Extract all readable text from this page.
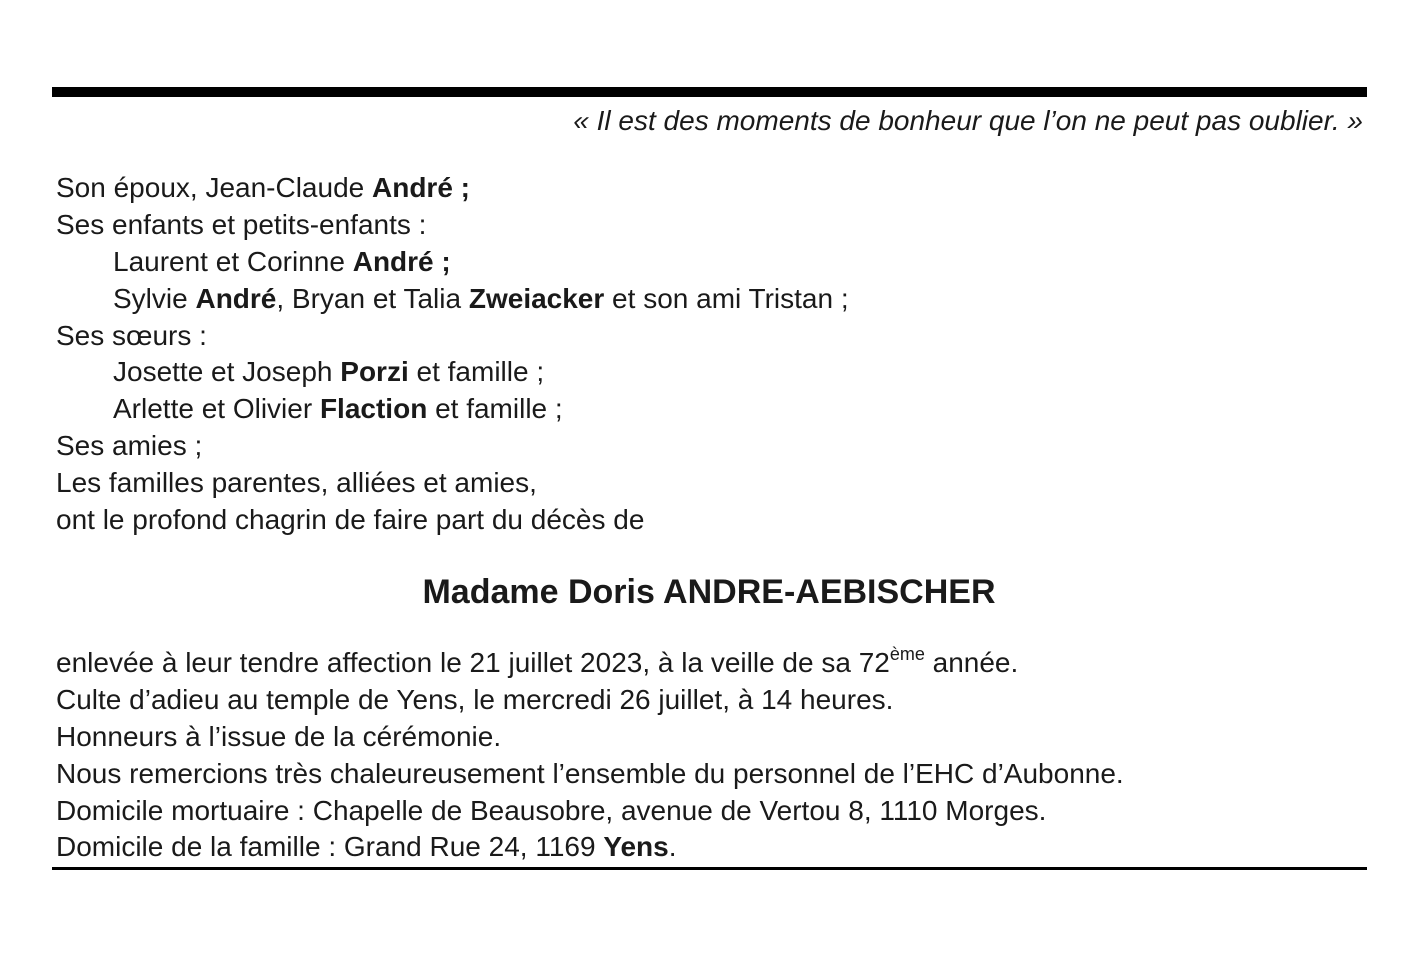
« Il est des moments de bonheur que l’on ne peut pas oublier. »
Son époux, Jean-Claude André ;
Ses enfants et petits-enfants :
Laurent et Corinne André ;
Sylvie André, Bryan et Talia Zweiacker et son ami Tristan ;
Ses sœurs :
Josette et Joseph Porzi et famille ;
Arlette et Olivier Flaction et famille ;
Ses amies ;
Les familles parentes, alliées et amies,
ont le profond chagrin de faire part du décès de
Madame Doris ANDRE-AEBISCHER
enlevée à leur tendre affection le 21 juillet 2023, à la veille de sa 72ème année.
Culte d’adieu au temple de Yens, le mercredi 26 juillet, à 14 heures.
Honneurs à l’issue de la cérémonie.
Nous remercions très chaleureusement l’ensemble du personnel de l’EHC d’Aubonne.
Domicile mortuaire : Chapelle de Beausobre, avenue de Vertou 8, 1110 Morges.
Domicile de la famille : Grand Rue 24, 1169 Yens.
